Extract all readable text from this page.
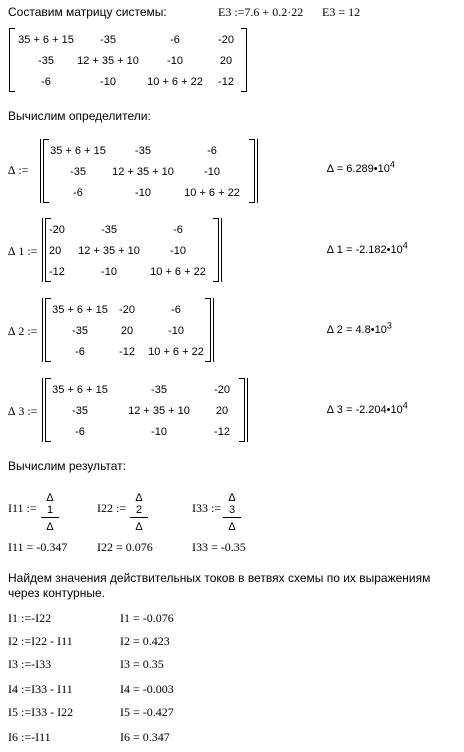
Составим матрицу системы:	E3 :=7.6 + 0.2·22 E3 = 12
35 + 6 + 15	-35	-6	-20
-35	12 + 35 + 10	-10	20
-6	-10	10 + 6 + 22	-12
Вычислим определители:
∆ :=
35 + 6 + 15	-35	-6
-35	12 + 35 + 10	-10
-6	-10	10 + 6 + 22
∆ = $6.289•10^4$
∆ 1 :=
-20	-35	-6
20	12 + 35 + 10	-10
-12	-10	10 + 6 + 22
∆ $1 = -2.182•10^4$
∆ 2 :=
35 + 6 + 15	-20	-6
-35	20	-10
-6	-12	10 + 6 + 22
∆ $2 = 4.8•10^3$
∆ 3 :=
35 + 6 + 15	-35	-20
-35	12 + 35 + 10	20
-6	-10	-12
∆ $3 = -2.204•10^4$
Вычислим результат:
I11 :=
∆ 1
∆
I22 :=
∆ 2
∆
I33 :=
∆ 3
∆
I11 = -0.347 I22 = 0.076	I33 = -0.35
Найдем значения действительных токов в ветвях схемы по их выражениям
через контурные.
I1 :=-I22	I1 = -0.076
I2 :=I22 - I11	I2 = 0.423
I3 :=-I33	I3 = 0.35
I4 :=I33 - I11	I4 = -0.003
I5 :=I33 - I22	I5 = -0.427
I6 :=-I11	I6 = 0.347
